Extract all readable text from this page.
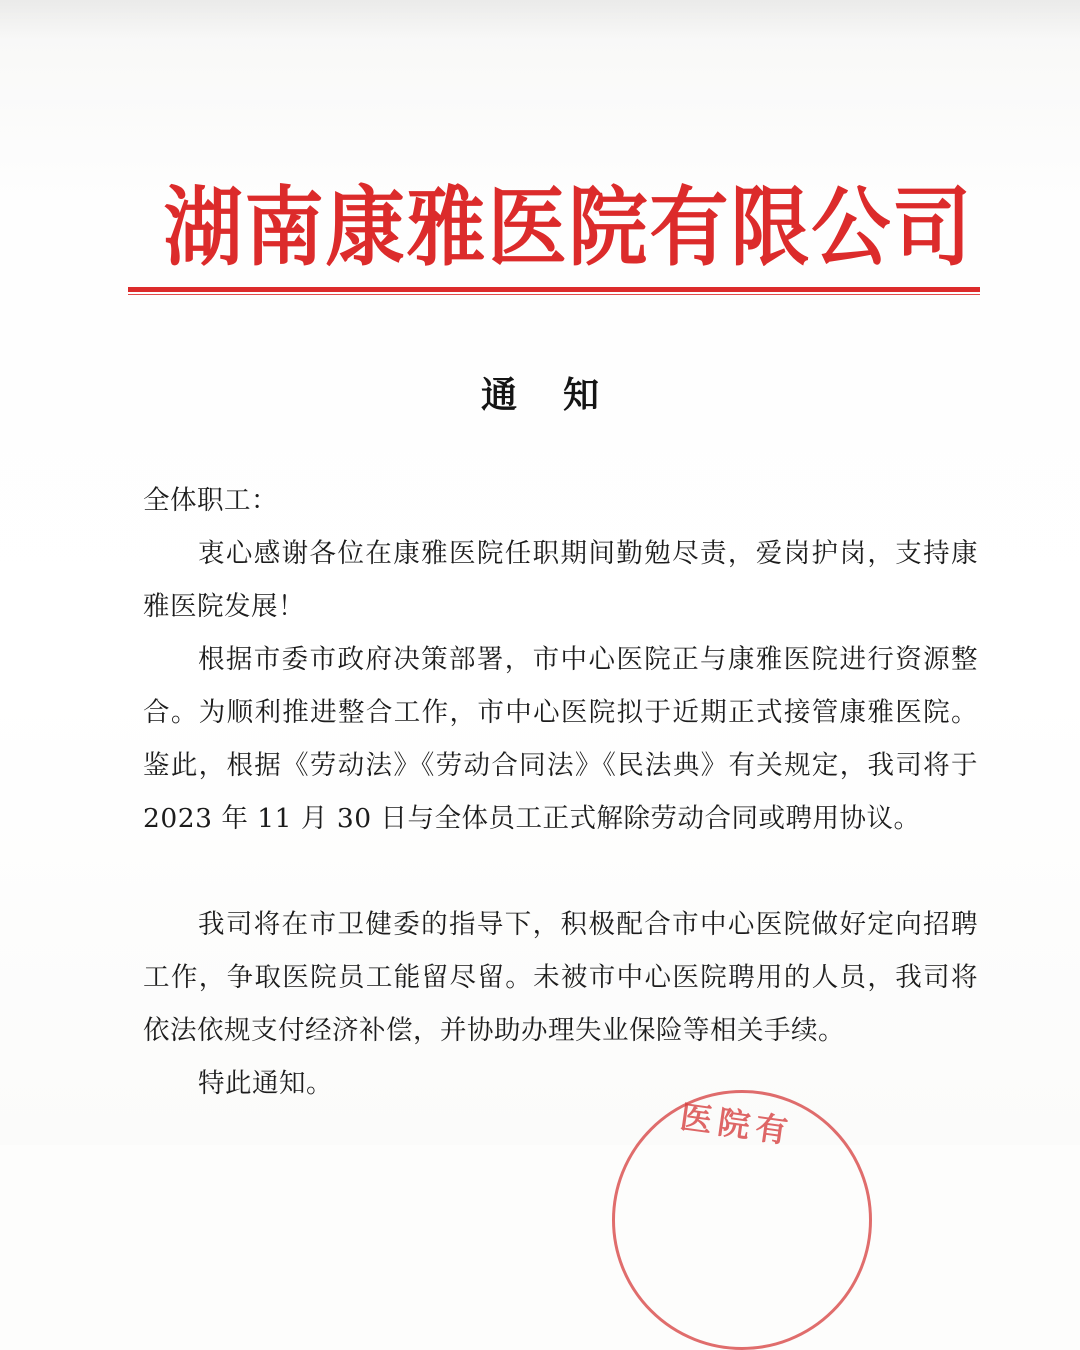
湖南康雅医院有限公司
通知

全体职工：

衷心感谢各位在康雅医院任职期间勤勉尽责，爱岗护岗，支持康雅医院发展！

根据市委市政府决策部署，市中心医院正与康雅医院进行资源整合。为顺利推进整合工作，市中心医院拟于近期正式接管康雅医院。鉴此，根据《劳动法》《劳动合同法》《民法典》有关规定，我司将于 2023 年 11 月 30 日与全体员工正式解除劳动合同或聘用协议。

我司将在市卫健委的指导下，积极配合市中心医院做好定向招聘工作，争取医院员工能留尽留。未被市中心医院聘用的人员，我司将依法依规支付经济补偿，并协助办理失业保险等相关手续。

特此通知。

医院有
